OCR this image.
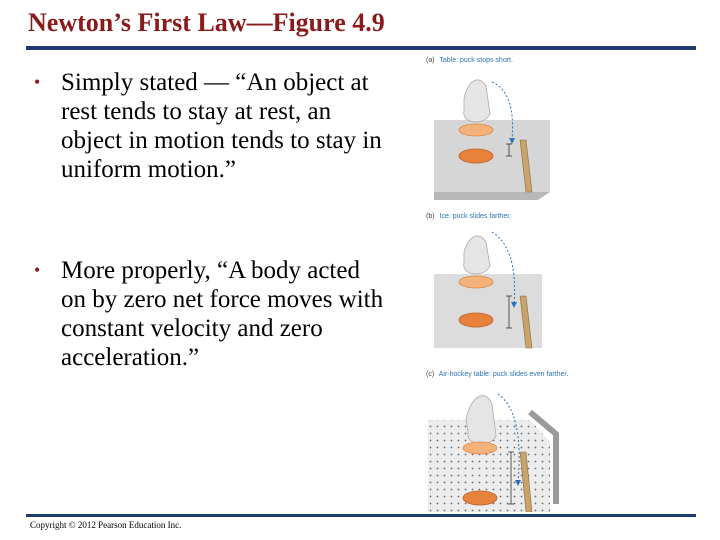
Newton’s First Law—Figure 4.9
• Simply stated — “An object at rest tends to stay at rest, an object in motion tends to stay in uniform motion.”
• More properly, “A body acted on by zero net force moves with constant velocity and zero acceleration.”
(a) Table: puck stops short.
(b) Ice: puck slides farther.
(c) Air-hockey table: puck slides even farther.
Copyright © 2012 Pearson Education Inc.
